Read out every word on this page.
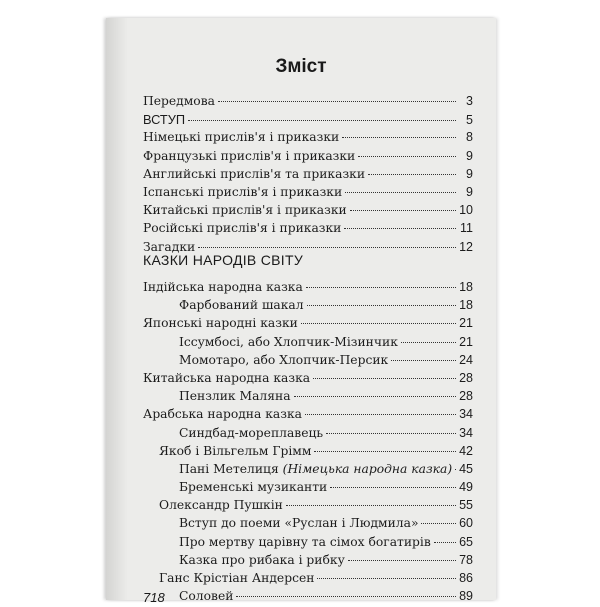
Зміст
Передмова	3
ВСТУП	5
Німецькі прислів'я і приказки	8
Французькі прислів'я і приказки	9
Английські прислів'я та приказки	9
Іспанські прислів'я і приказки	9
Китайські прислів'я і приказки	10
Російські прислів'я і приказки	11
Загадки	12
КАЗКИ НАРОДІВ СВІТУ
Індійська народна казка	18
Фарбований шакал	18
Японські народні казки	21
Іссумбосі, або Хлопчик-Мізинчик	21
Момотаро, або Хлопчик-Персик	24
Китайська народна казка	28
Пензлик Маляна	28
Арабська народна казка	34
Синдбад-мореплавець	34
Якоб і Вільгельм Грімм	42
Пані Метелиця (Німецька народна казка) 45
Бременські музиканти	49
Олександр Пушкін	55
Вступ до поеми «Руслан і Людмила»	60
Про мертву царівну та сімох богатирів 65
Казка про рибака і рибку	78
Ганс Крістіан Андерсен	86
Соловей	89
718
